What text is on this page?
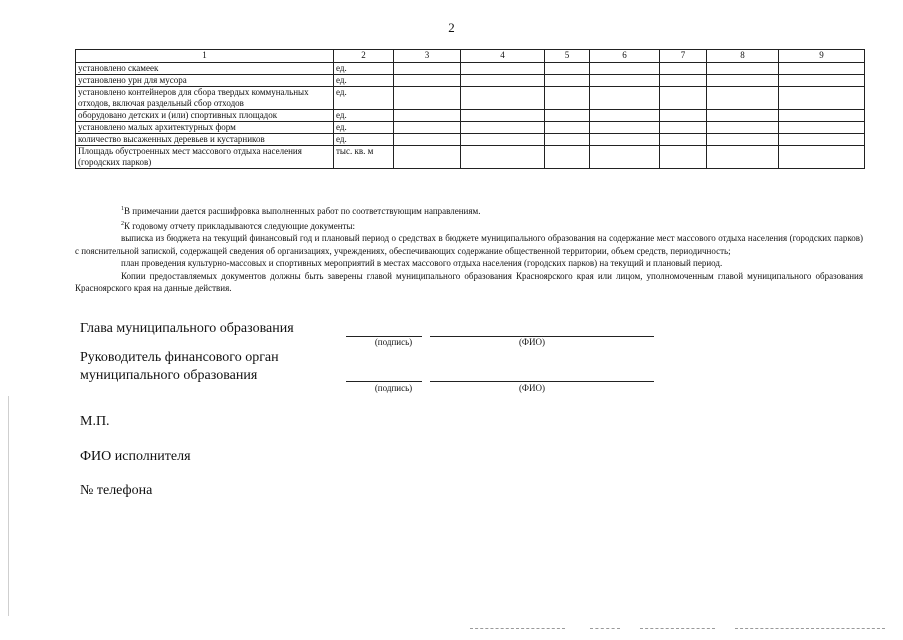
2
1	2	3	4	5	6	7	8	9
установлено скамеек	ед.							
установлено урн для мусора	ед.							
установлено контейнеров для сбора твердых коммунальных отходов, включая раздельный сбор отходов	ед.							
оборудовано детских и (или) спортивных площадок	ед.							
установлено малых архитектурных форм	ед.							
количество высаженных деревьев и кустарников	ед.							
Площадь обустроенных мест массового отдыха населения (городских парков)	тыс. кв. м							

$^1$В примечании дается расшифровка выполненных работ по соответствующим направлениям.

$^2$К годовому отчету прикладываются следующие документы:

выписка из бюджета на текущий финансовый год и плановый период о средствах в бюджете муниципального образования на содержание мест массового отдыха населения (городских парков) с пояснительной запиской, содержащей сведения об организациях, учреждениях, обеспечивающих содержание общественной территории, объем средств, периодичность;

план проведения культурно-массовых и спортивных мероприятий в местах массового отдыха населения (городских парков) на текущий и плановый период.

Копии предоставляемых документов должны быть заверены главой муниципального образования Красноярского края или лицом, уполномоченным главой муниципального образования Красноярского края на данные действия.

Глава муниципального образования
(подпись)	(ФИО)
Руководитель финансового орган
муниципального образования
(подпись)	(ФИО)
М.П.
ФИО исполнителя
№ телефона
